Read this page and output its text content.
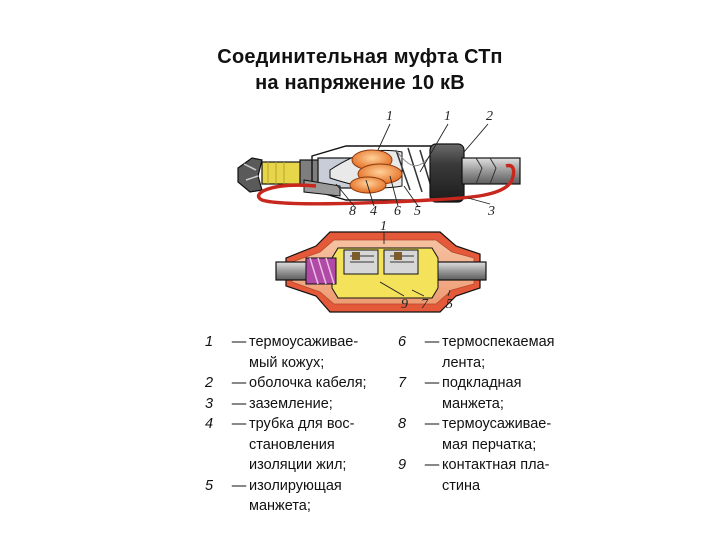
Соединительная муфта СТп
на напряжение 10 кВ
1	1	2
8 4 6 5	3
1
9 7 5
1	— термоусаживае-
мый кожух;
2	— оболочка кабеля;
3	— заземление;
4	— трубка для вос-
становления
изоляции жил;
5	— изолирующая
манжета;
6	— термоспекаемая
лента;
7	— подкладная
манжета;
8	— термоусаживае-
мая перчатка;
9	— контактная пла-
стина
